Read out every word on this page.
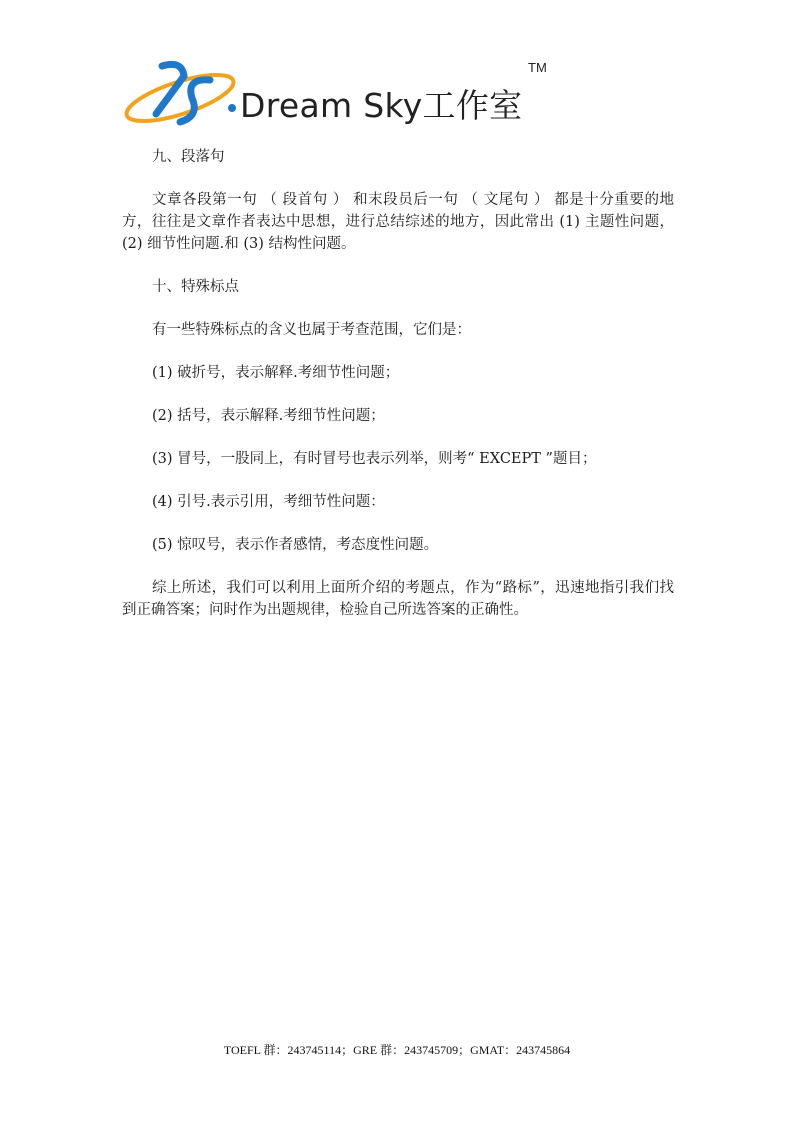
Dream Sky工作室
TM
九、段落句
文章各段第一句 （ 段首句 ） 和末段员后一句 （ 文尾句 ） 都是十分重要的地方，往往是文章作者表达中思想，进行总结综述的地方，因此常出 (1) 主题性问题， (2) 细节性问题.和 (3) 结构性问题。
十、特殊标点
有一些特殊标点的含义也属于考查范围，它们是：
(1) 破折号，表示解释.考细节性问题；
(2) 括号，表示解释.考细节性问题；
(3) 冒号，一股同上，有时冒号也表示列举，则考“ EXCEPT ”题目；
(4) 引号.表示引用，考细节性问题：
(5) 惊叹号，表示作者感情，考态度性问题。
综上所述，我们可以利用上面所介绍的考题点，作为“路标”，迅速地指引我们找到正确答案；问时作为出题规律，检验自己所选答案的正确性。
TOEFL 群：243745114；GRE 群：243745709；GMAT：243745864
